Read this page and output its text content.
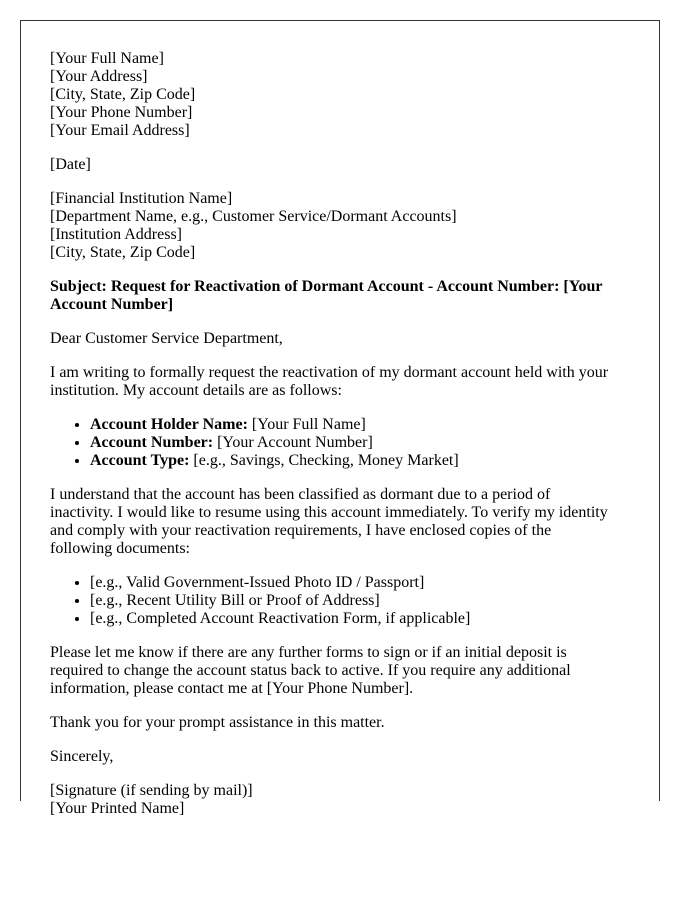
[Your Full Name]
[Your Address]
[City, State, Zip Code]
[Your Phone Number]
[Your Email Address]

[Date]

[Financial Institution Name]
[Department Name, e.g., Customer Service/Dormant Accounts]
[Institution Address]
[City, State, Zip Code]

Subject: Request for Reactivation of Dormant Account - Account Number: [Your Account Number]

Dear Customer Service Department,

I am writing to formally request the reactivation of my dormant account held with your institution. My account details are as follows:

• Account Holder Name: [Your Full Name]
• Account Number: [Your Account Number]
• Account Type: [e.g., Savings, Checking, Money Market]

I understand that the account has been classified as dormant due to a period of inactivity. I would like to resume using this account immediately. To verify my identity and comply with your reactivation requirements, I have enclosed copies of the following documents:

• [e.g., Valid Government-Issued Photo ID / Passport]
• [e.g., Recent Utility Bill or Proof of Address]
• [e.g., Completed Account Reactivation Form, if applicable]

Please let me know if there are any further forms to sign or if an initial deposit is required to change the account status back to active. If you require any additional information, please contact me at [Your Phone Number].

Thank you for your prompt assistance in this matter.

Sincerely,

[Signature (if sending by mail)]
[Your Printed Name]
